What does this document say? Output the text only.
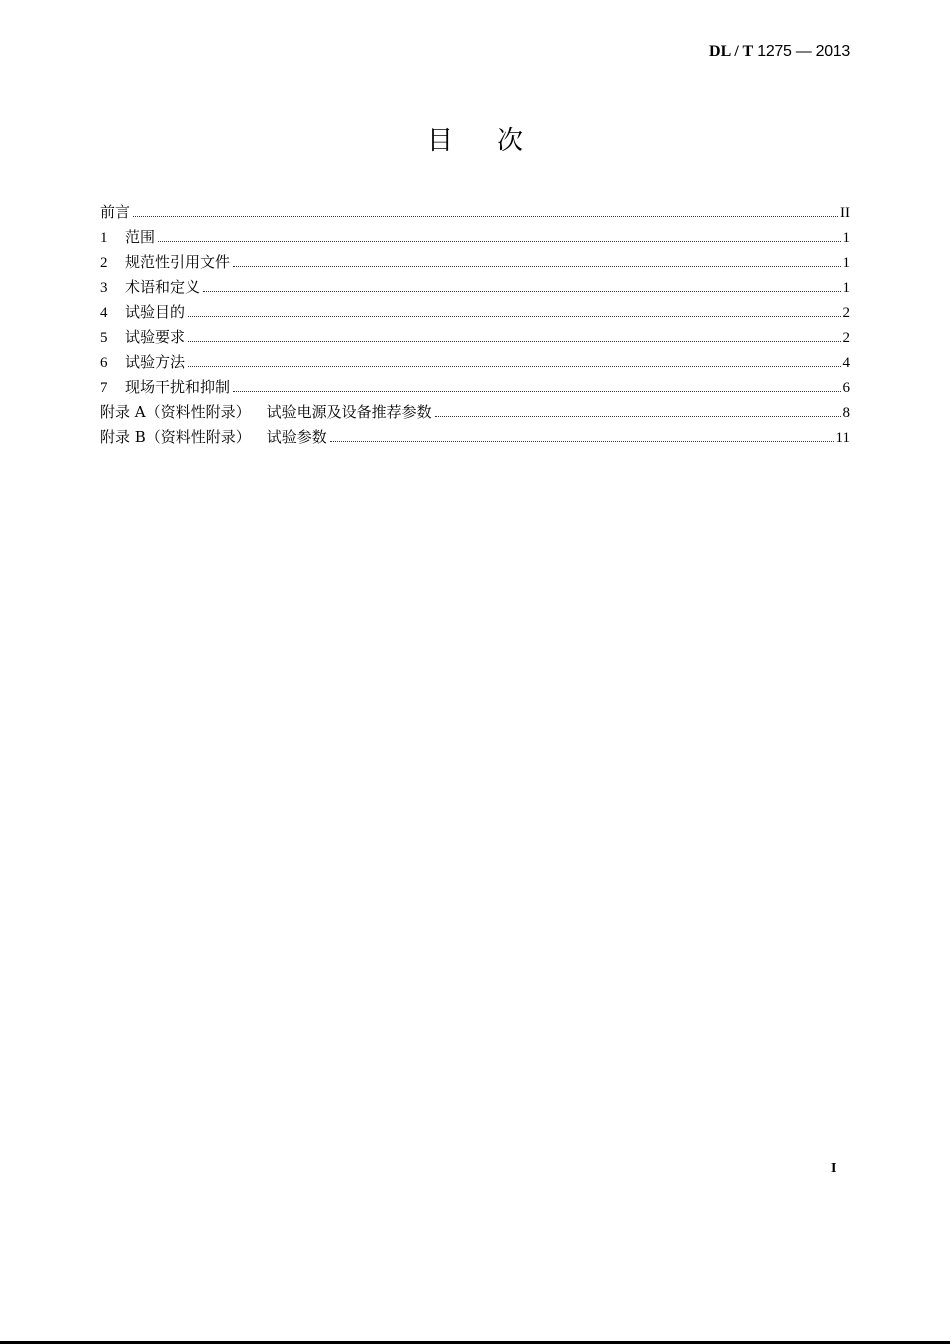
DL / T 1275 — 2013
目 次
前言	II
1	范围	1
2	规范性引用文件	1
3	术语和定义	1
4	试验目的	2
5	试验要求	2
6	试验方法	4
7	现场干扰和抑制	6
附录 A（资料性附录） 试验电源及设备推荐参数	8
附录 B（资料性附录） 试验参数	11
I
